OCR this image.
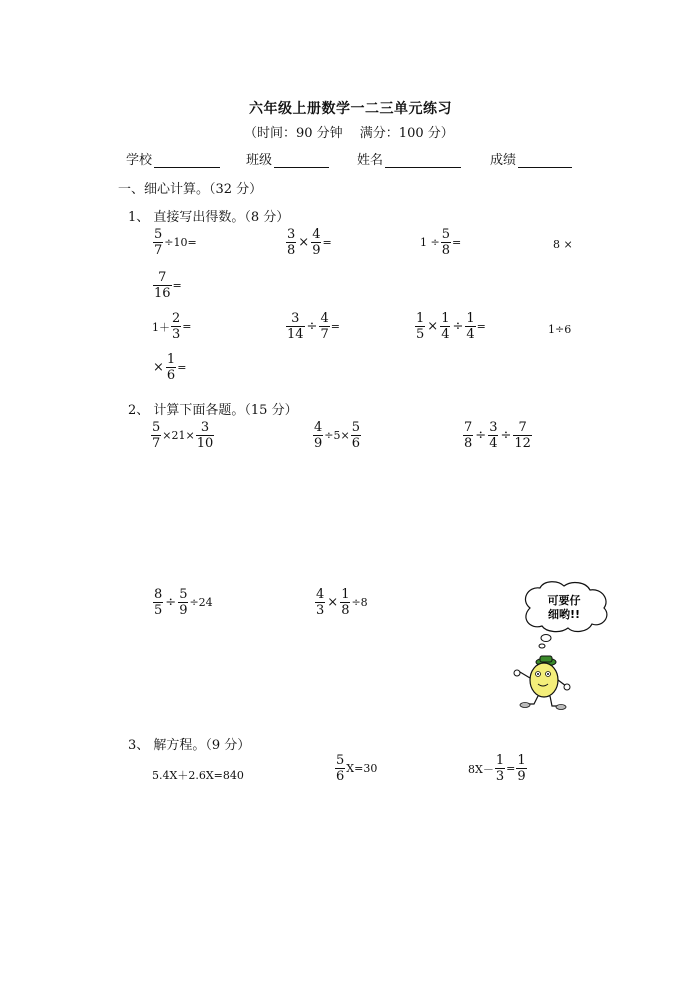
六年级上册数学一二三单元练习
（时间：90 分钟　 满分：100 分）
学校	班级	姓名	成绩
一、细心计算。（32 分）
1、 直接写出得数。（8 分）
$\frac{5}{7} \div 10=$	$\frac{3}{8} \times \frac{4}{9}$ =	$1 \div \frac{5}{8}$ =	8 ×
$\frac{7}{16}$ =
$1+ \frac{2}{3}$ =	$\frac{3}{14} \div \frac{4}{7}$ =	$\frac{1}{5} \times \frac{1}{4} \div \frac{1}{4}$ =	1÷6
× $\frac{1}{6}$ =
2、 计算下面各题。（15 分）
$\frac{5}{7} \times 21\times \frac{3}{10}$	$\frac{4}{9} \div 5\times \frac{5}{6}$	$\frac{7}{8} \div \frac{3}{4} \div \frac{7}{12}$
$\frac{8}{5} \div \frac{5}{9} \div 24$	$\frac{4}{3} \times \frac{1}{8} \div 8$	可要仔
细哟!!
3、 解方程。（9 分）
5.4X＋2.6X=840	$\frac{5}{6} X=30$	$8X- \frac{1}{3} = \frac{1}{9}$
